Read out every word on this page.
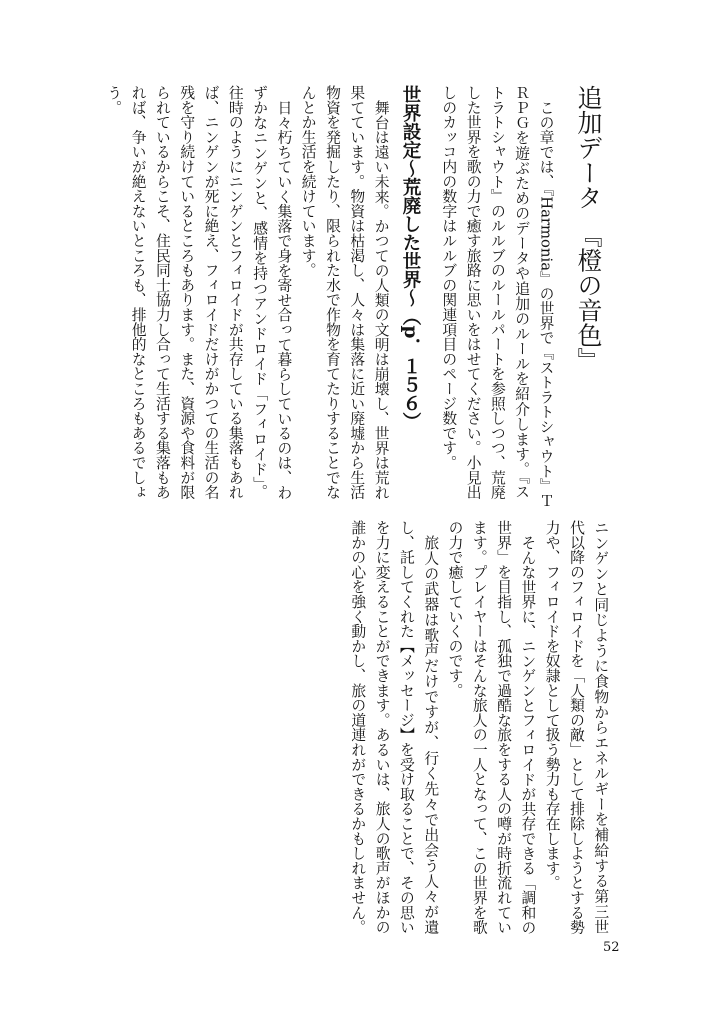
追加データ　『橙の音色』
この章では、『Harmonia』の世界で『ストラトシャウト』Ｔ
ＲＰＧを遊ぶためのデータや追加のルールを紹介します。『ス
トラトシャウト』のルルブのルールパートを参照しつつ、荒廃
した世界を歌の力で癒す旅路に思いをはせてください。小見出
しのカッコ内の数字はルルブの関連項目のページ数です。
世界設定～荒廃した世界～（p．１５６）
舞台は遠い未来。かつての人類の文明は崩壊し、世界は荒れ
果てています。物資は枯渇し、人々は集落に近い廃墟から生活
物資を発掘したり、限られた水で作物を育てたりすることでな
んとか生活を続けています。
日々朽ちていく集落で身を寄せ合って暮らしているのは、わ
ずかなニンゲンと、感情を持つアンドロイド「フィロイド」。
往時のようにニンゲンとフィロイドが共存している集落もあれ
ば、ニンゲンが死に絶え、フィロイドだけがかつての生活の名
残を守り続けているところもあります。また、資源や食料が限
られているからこそ、住民同士協力し合って生活する集落もあ
れば、争いが絶えないところも、排他的なところもあるでしょ
う。
ニンゲンと同じように食物からエネルギーを補給する第三世
代以降のフィロイドを「人類の敵」として排除しようとする勢
力や、フィロイドを奴隷として扱う勢力も存在します。
そんな世界に、ニンゲンとフィロイドが共存できる「調和の
世界」を目指し、孤独で過酷な旅をする人の噂が時折流れてい
ます。プレイヤーはそんな旅人の一人となって、この世界を歌
の力で癒していくのです。
旅人の武器は歌声だけですが、行く先々で出会う人々が遺
し、託してくれた【メッセージ】を受け取ることで、その思い
を力に変えることができます。あるいは、旅人の歌声がほかの
誰かの心を強く動かし、旅の道連れができるかもしれません。
52
